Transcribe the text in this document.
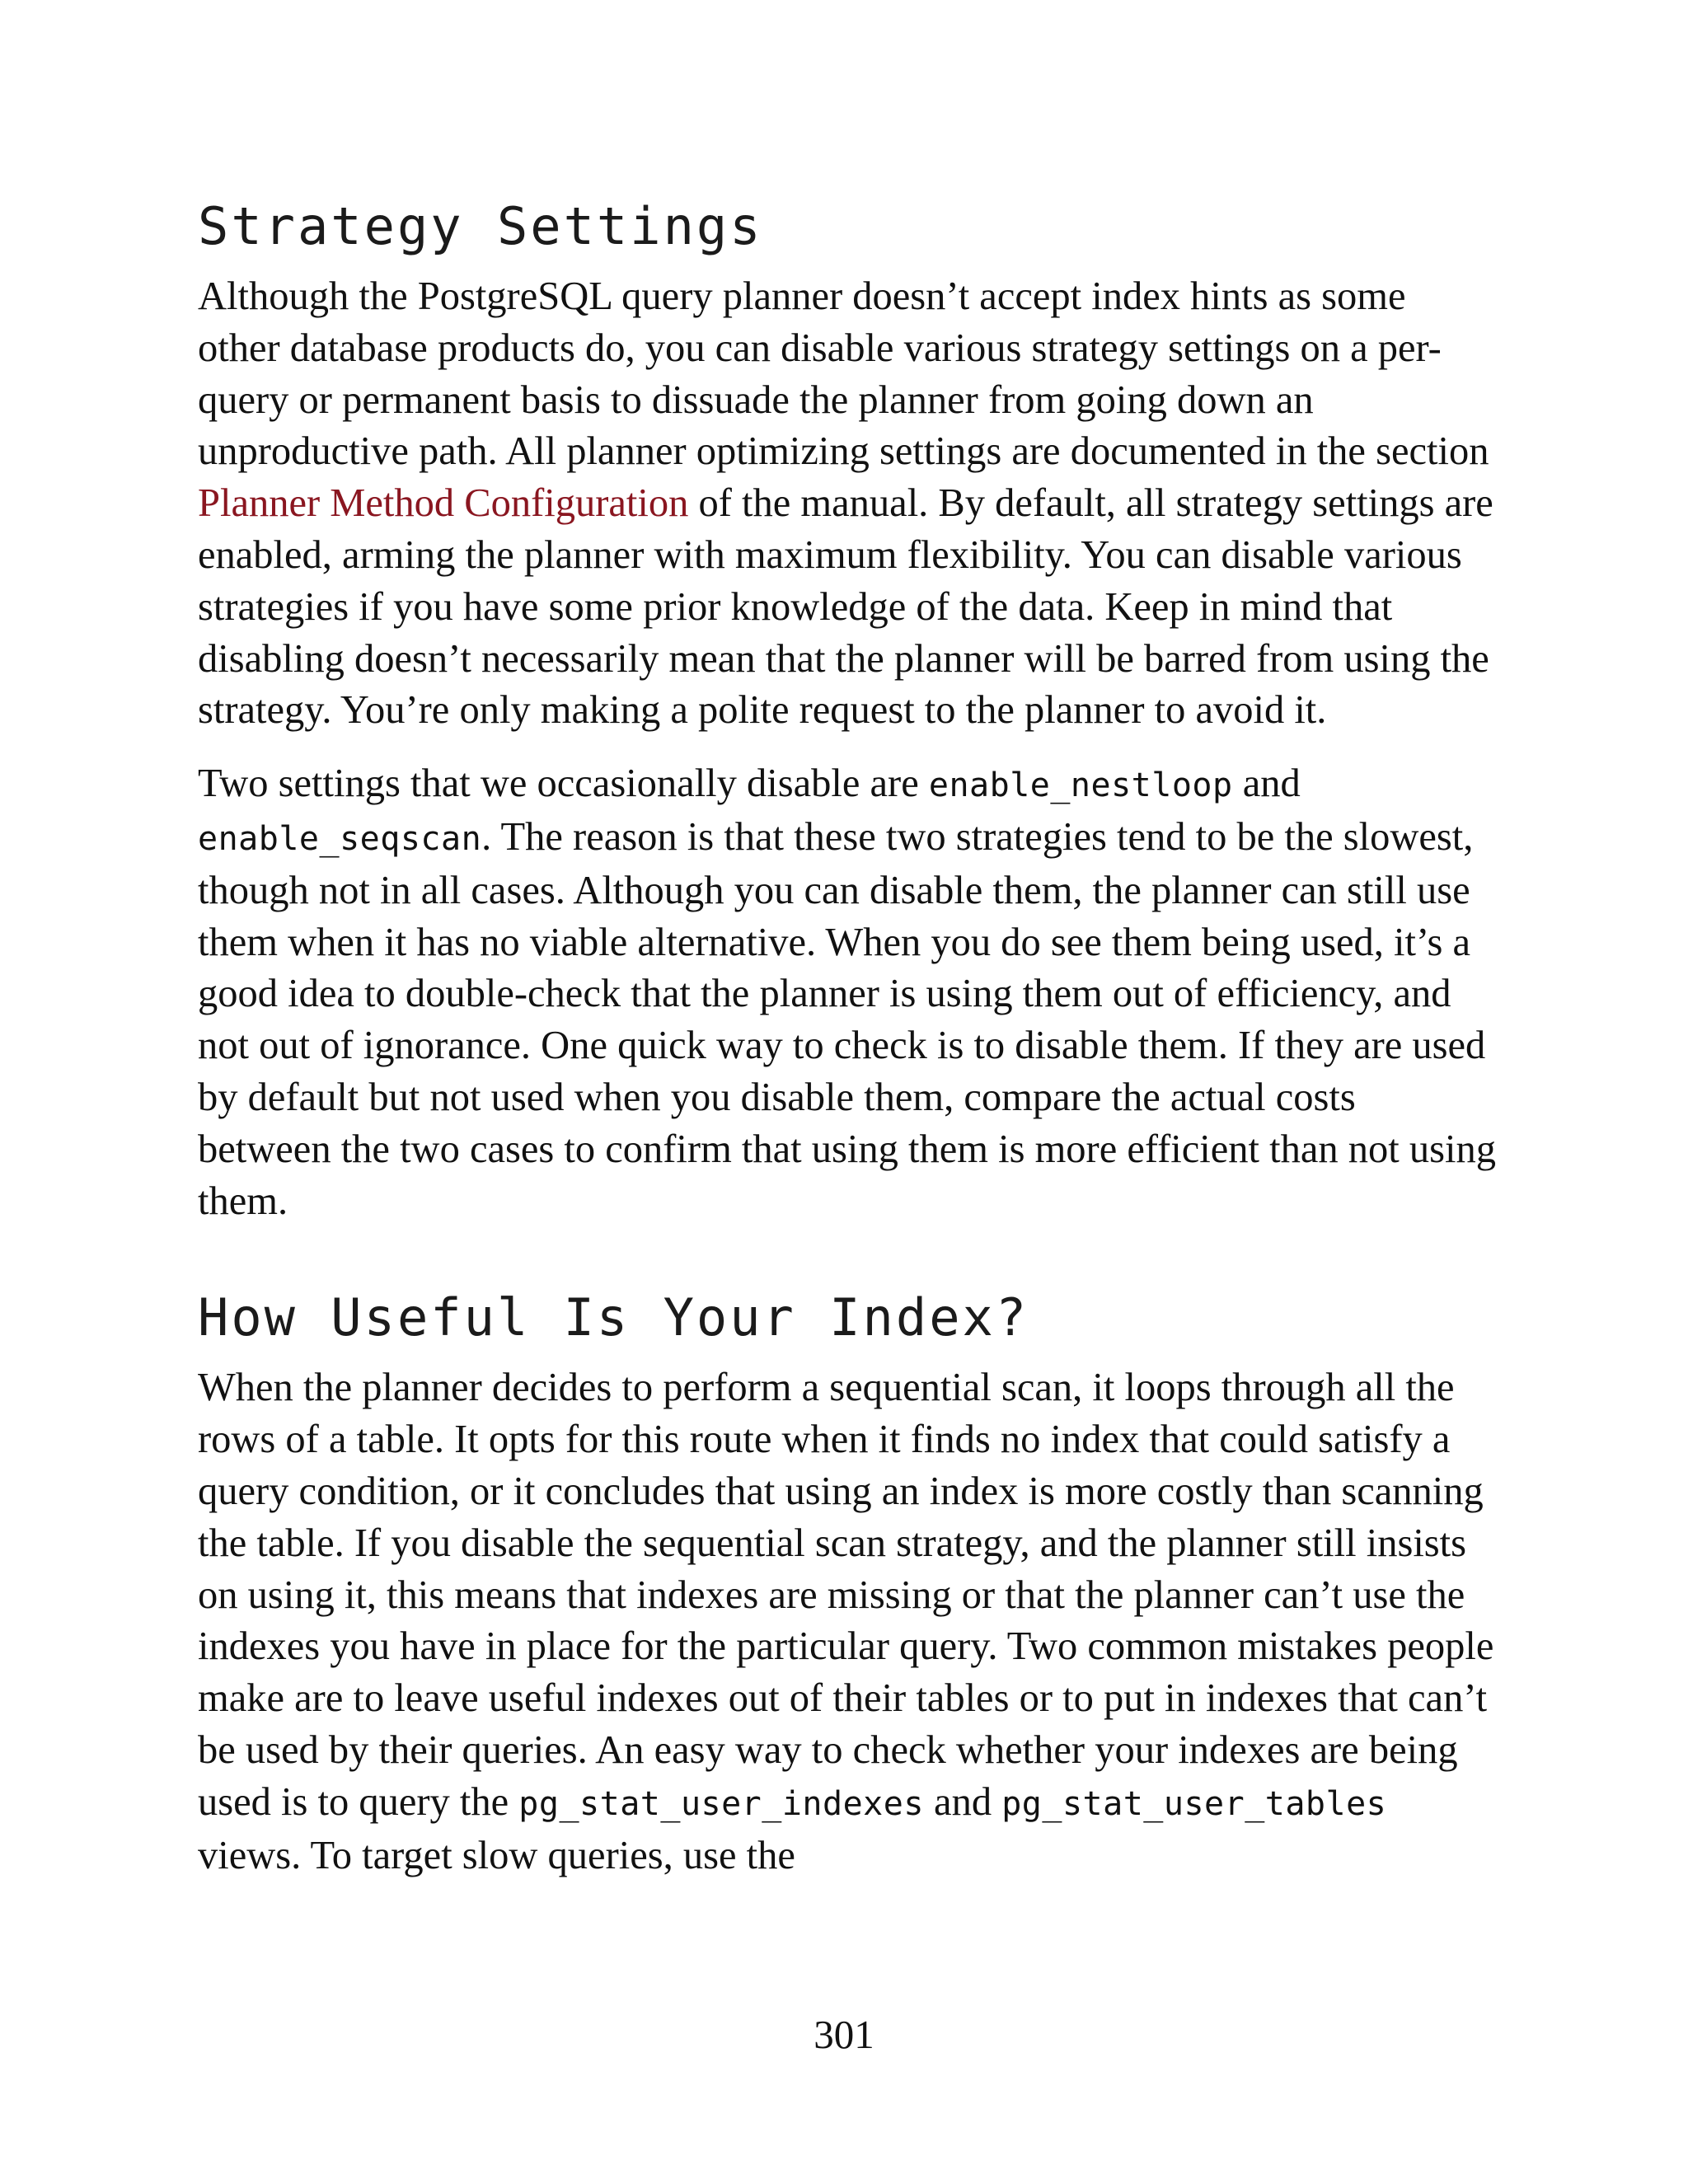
Strategy Settings

Although the PostgreSQL query planner doesn’t accept index hints as some other database products do, you can disable various strategy settings on a per-query or permanent basis to dissuade the planner from going down an unproductive path. All planner optimizing settings are documented in the section Planner Method Configuration of the manual. By default, all strategy settings are enabled, arming the planner with maximum flexibility. You can disable various strategies if you have some prior knowledge of the data. Keep in mind that disabling doesn’t necessarily mean that the planner will be barred from using the strategy. You’re only making a polite request to the planner to avoid it.

Two settings that we occasionally disable are enable_nestloop and enable_seqscan. The reason is that these two strategies tend to be the slowest, though not in all cases. Although you can disable them, the planner can still use them when it has no viable alternative. When you do see them being used, it’s a good idea to double-check that the planner is using them out of efficiency, and not out of ignorance. One quick way to check is to disable them. If they are used by default but not used when you disable them, compare the actual costs between the two cases to confirm that using them is more efficient than not using them.

How Useful Is Your Index?

When the planner decides to perform a sequential scan, it loops through all the rows of a table. It opts for this route when it finds no index that could satisfy a query condition, or it concludes that using an index is more costly than scanning the table. If you disable the sequential scan strategy, and the planner still insists on using it, this means that indexes are missing or that the planner can’t use the indexes you have in place for the particular query. Two common mistakes people make are to leave useful indexes out of their tables or to put in indexes that can’t be used by their queries. An easy way to check whether your indexes are being used is to query the pg_stat_user_indexes and pg_stat_user_tables views. To target slow queries, use the

301
